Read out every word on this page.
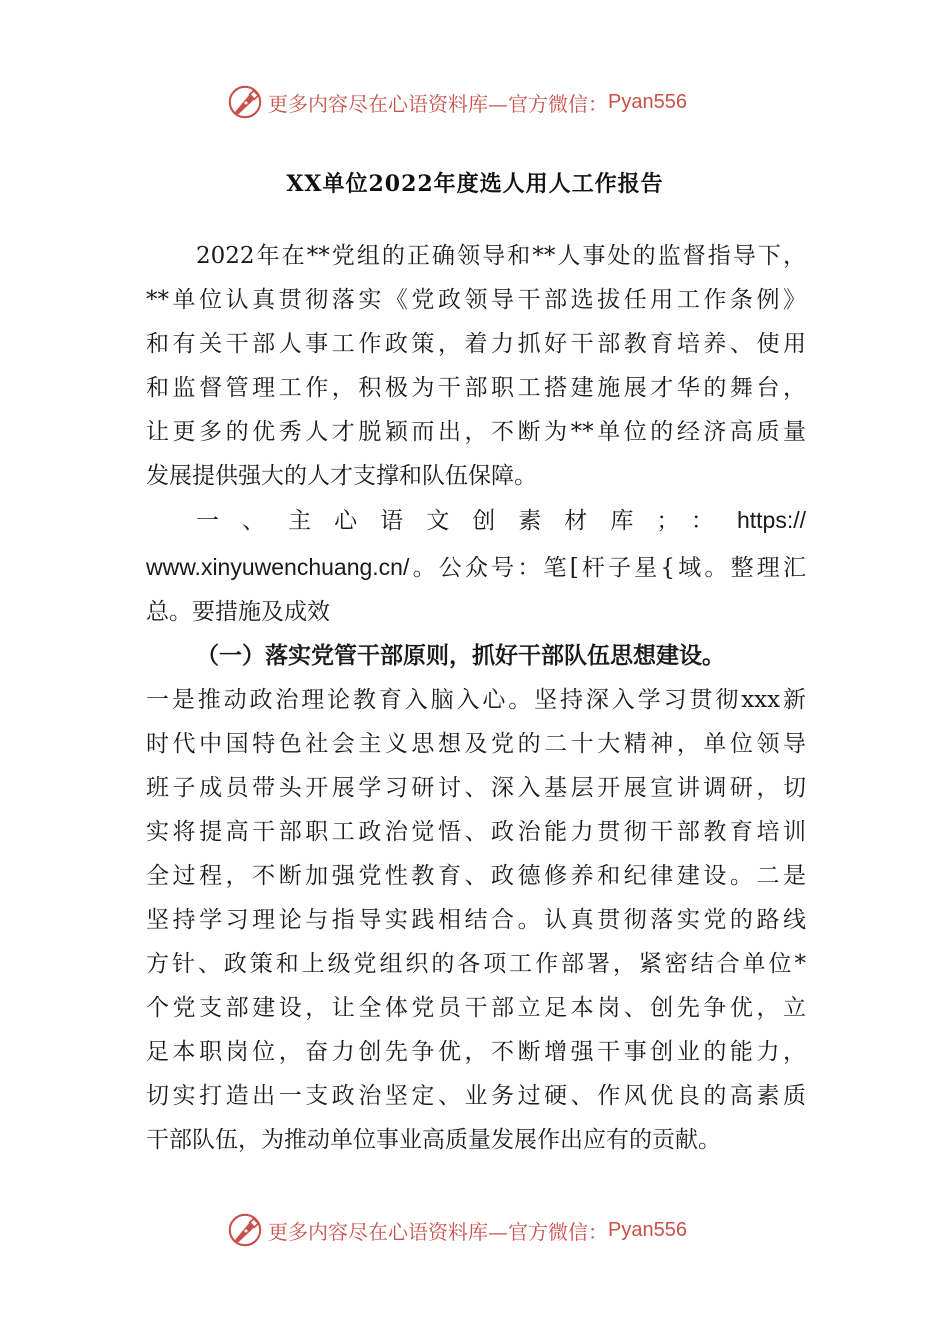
更多内容尽在心语资料库—官方微信： Pyan556
XX单位2022年度选人用人工作报告
2022年在**党组的正确领导和**人事处的监督指导下，
**单位认真贯彻落实《党政领导干部选拔任用工作条例》
和有关干部人事工作政策，着力抓好干部教育培养、使用
和监督管理工作，积极为干部职工搭建施展才华的舞台，
让更多的优秀人才脱颖而出，不断为**单位的经济高质量
发展提供强大的人才支撑和队伍保障。
一、主心语文创素材库；：https://
www.xinyuwenchuang.cn/。公众号：笔[杆子星{域。整理汇
总。要措施及成效
（一）落实党管干部原则，抓好干部队伍思想建设。
一是推动政治理论教育入脑入心。坚持深入学习贯彻xxx新
时代中国特色社会主义思想及党的二十大精神，单位领导
班子成员带头开展学习研讨、深入基层开展宣讲调研，切
实将提高干部职工政治觉悟、政治能力贯彻干部教育培训
全过程，不断加强党性教育、政德修养和纪律建设。二是
坚持学习理论与指导实践相结合。认真贯彻落实党的路线
方针、政策和上级党组织的各项工作部署，紧密结合单位*
个党支部建设，让全体党员干部立足本岗、创先争优，立
足本职岗位，奋力创先争优，不断增强干事创业的能力，
切实打造出一支政治坚定、业务过硬、作风优良的高素质
干部队伍，为推动单位事业高质量发展作出应有的贡献。
更多内容尽在心语资料库—官方微信： Pyan556
